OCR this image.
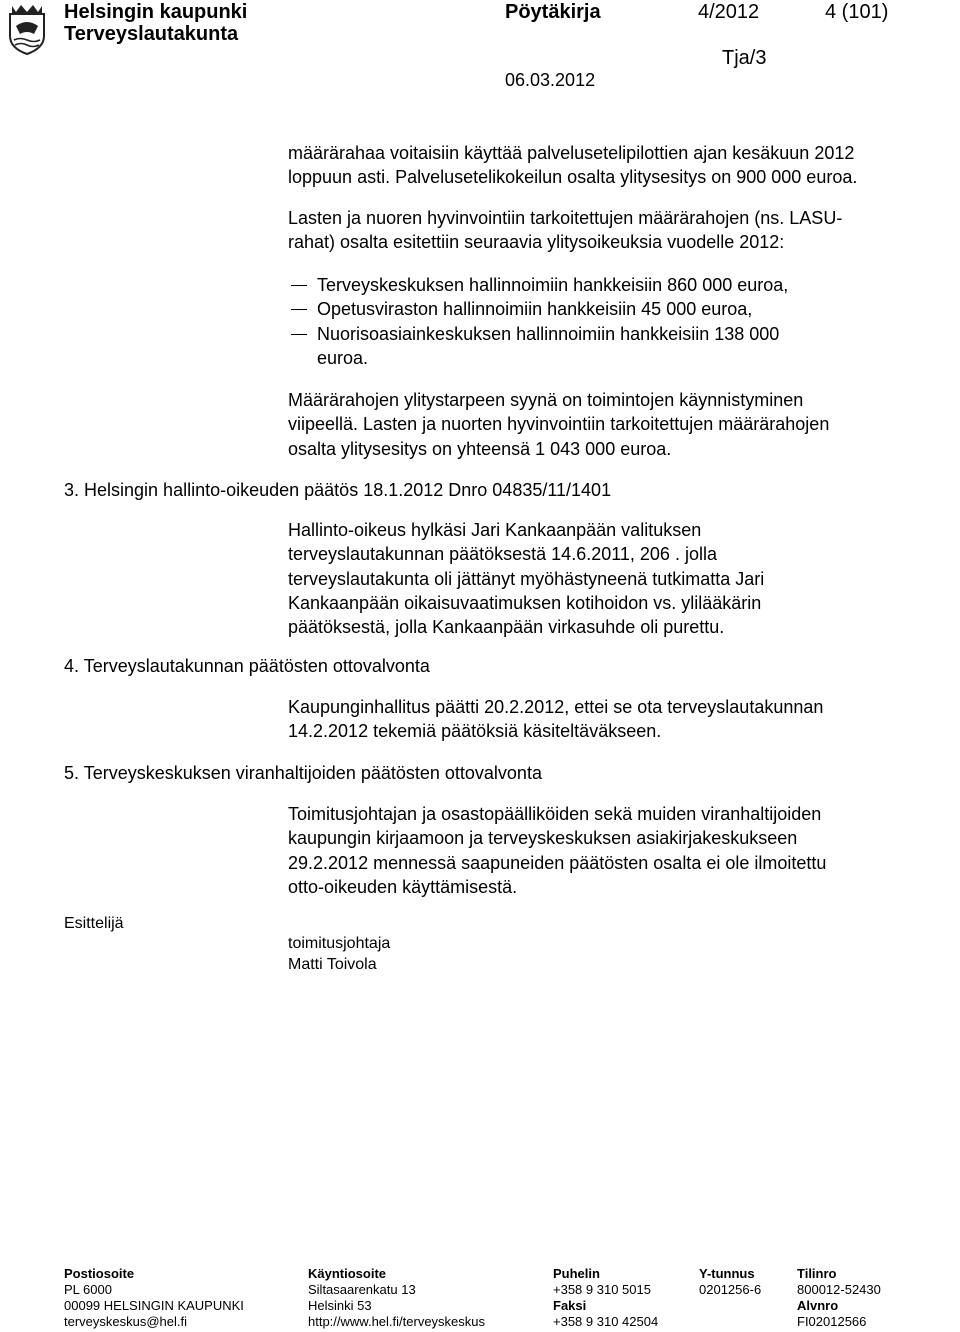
Helsingin kaupunki
Terveyslautakunta
Pöytäkirja	4/2012	4 (101)
Tja/3
06.03.2012
määrärahaa voitaisiin käyttää palvelusetelipilottien ajan kesäkuun 2012
loppuun asti. Palvelusetelikokeilun osalta ylitysesitys on 900 000 euroa.
Lasten ja nuoren hyvinvointiin tarkoitettujen määrärahojen (ns. LASU-
rahat) osalta esitettiin seuraavia ylitysoikeuksia vuodelle 2012:
Terveyskeskuksen hallinnoimiin hankkeisiin 860 000 euroa,
Opetusviraston hallinnoimiin hankkeisiin 45 000 euroa,
Nuorisoasiainkeskuksen hallinnoimiin hankkeisiin 138 000
euroa.
Määrärahojen ylitystarpeen syynä on toimintojen käynnistyminen
viipeellä. Lasten ja nuorten hyvinvointiin tarkoitettujen määrärahojen
osalta ylitysesitys on yhteensä 1 043 000 euroa.
3. Helsingin hallinto-oikeuden päätös 18.1.2012 Dnro 04835/11/1401
Hallinto-oikeus hylkäsi Jari Kankaanpään valituksen
terveyslautakunnan päätöksestä 14.6.2011, 206 . jolla
terveyslautakunta oli jättänyt myöhästyneenä tutkimatta Jari
Kankaanpään oikaisuvaatimuksen kotihoidon vs. ylilääkärin
päätöksestä, jolla Kankaanpään virkasuhde oli purettu.
4. Terveyslautakunnan päätösten ottovalvonta
Kaupunginhallitus päätti 20.2.2012, ettei se ota terveyslautakunnan
14.2.2012 tekemiä päätöksiä käsiteltäväkseen.
5. Terveyskeskuksen viranhaltijoiden päätösten ottovalvonta
Toimitusjohtajan ja osastopäälliköiden sekä muiden viranhaltijoiden
kaupungin kirjaamoon ja terveyskeskuksen asiakirjakeskukseen
29.2.2012 mennessä saapuneiden päätösten osalta ei ole ilmoitettu
otto-oikeuden käyttämisestä.
Esittelijä
toimitusjohtaja
Matti Toivola
Postiosoite
PL 6000
00099 HELSINGIN KAUPUNKI
terveyskeskus@hel.fi
Käyntiosoite
Siltasaarenkatu 13
Helsinki 53
http://www.hel.fi/terveyskeskus
Puhelin
+358 9 310 5015
Faksi
+358 9 310 42504
Y-tunnus
0201256-6
Tilinro
800012-52430
Alvnro
FI02012566
